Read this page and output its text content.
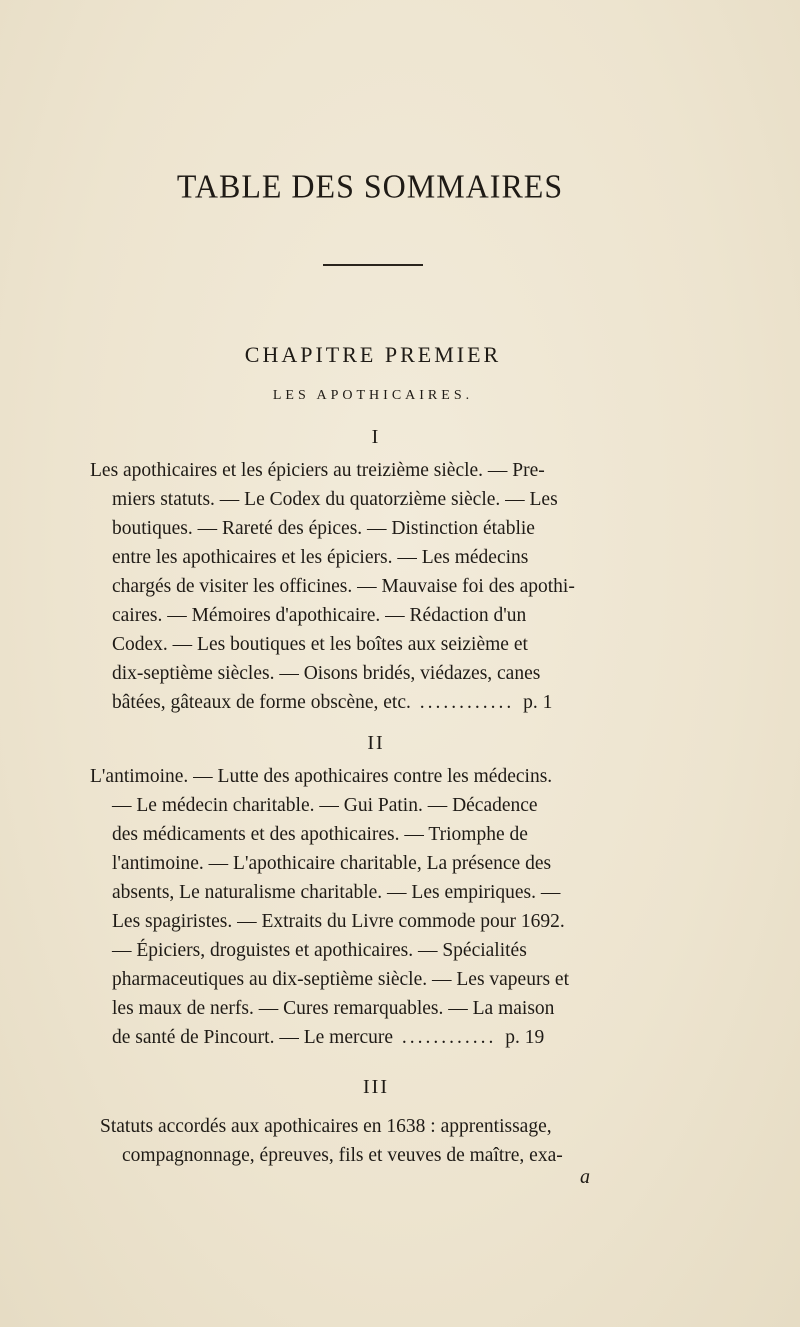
TABLE DES SOMMAIRES
CHAPITRE PREMIER
LES APOTHICAIRES.
I
Les apothicaires et les épiciers au treizième siècle. — Pre-
miers statuts. — Le Codex du quatorzième siècle. — Les
boutiques. — Rareté des épices. — Distinction établie
entre les apothicaires et les épiciers. — Les médecins
chargés de visiter les officines. — Mauvaise foi des apothi-
caires. — Mémoires d'apothicaire. — Rédaction d'un
Codex. — Les boutiques et les boîtes aux seizième et
dix-septième siècles. — Oisons bridés, viédazes, canes
bâtées, gâteaux de forme obscène, etc. ............ p. 1
II
L'antimoine. — Lutte des apothicaires contre les médecins.
— Le médecin charitable. — Gui Patin. — Décadence
des médicaments et des apothicaires. — Triomphe de
l'antimoine. — L'apothicaire charitable, La présence des
absents, Le naturalisme charitable. — Les empiriques. —
Les spagiristes. — Extraits du Livre commode pour 1692.
— Épiciers, droguistes et apothicaires. — Spécialités
pharmaceutiques au dix-septième siècle. — Les vapeurs et
les maux de nerfs. — Cures remarquables. — La maison
de santé de Pincourt. — Le mercure ............ p. 19
III
Statuts accordés aux apothicaires en 1638 : apprentissage,
compagnonnage, épreuves, fils et veuves de maître, exa-
a
